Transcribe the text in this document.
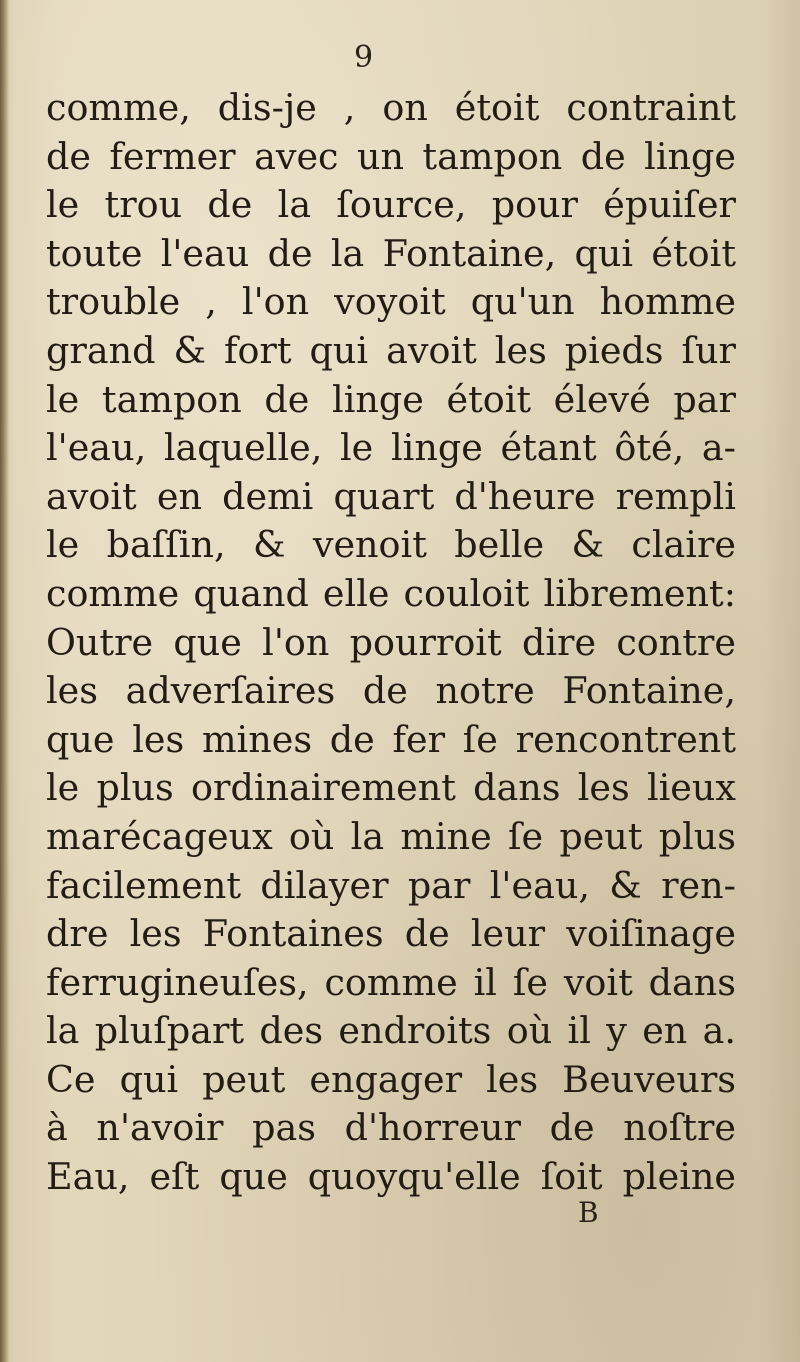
9
comme, dis-je , on étoit contraint
de fermer avec un tampon de linge
le trou de la ſource, pour épuiſer
toute l'eau de la Fontaine, qui étoit
trouble , l'on voyoit qu'un homme
grand & fort qui avoit les pieds ſur
le tampon de linge étoit élevé par
l'eau, laquelle, le linge étant ôté, a-
avoit en demi quart d'heure rempli
le baſſin, & venoit belle & claire
comme quand elle couloit librement:
Outre que l'on pourroit dire contre
les adverſaires de notre Fontaine,
que les mines de fer ſe rencontrent
le plus ordinairement dans les lieux
marécageux où la mine ſe peut plus
facilement dilayer par l'eau, & ren-
dre les Fontaines de leur voiſinage
ferrugineuſes, comme il ſe voit dans
la pluſpart des endroits où il y en a.
Ce qui peut engager les Beuveurs
à n'avoir pas d'horreur de noſtre
Eau, eſt que quoyqu'elle ſoit pleine
B
